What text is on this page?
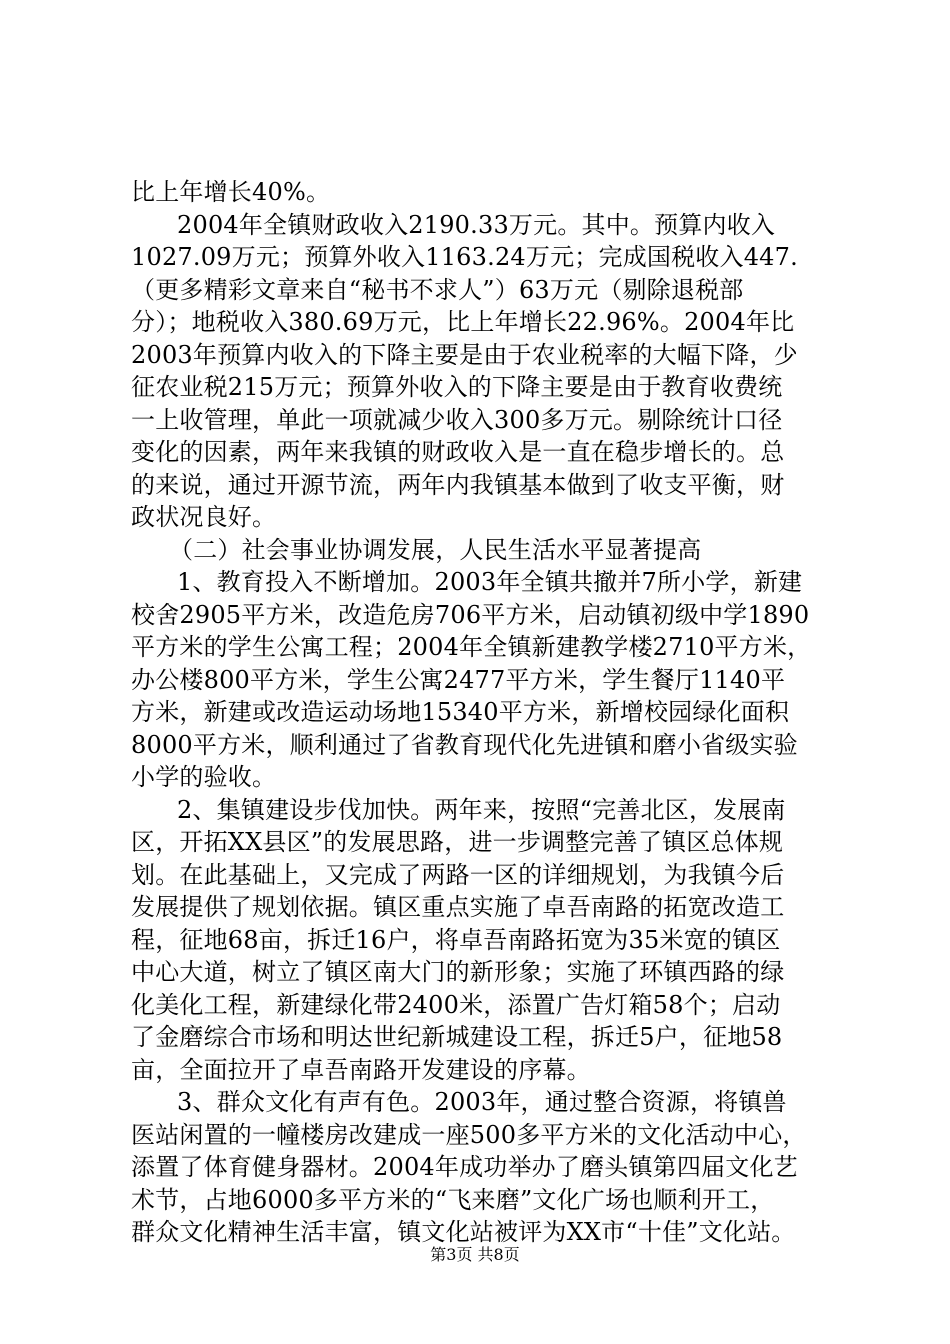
比上年增长40%。
2004年全镇财政收入2190.33万元。其中。预算内收入
1027.09万元；预算外收入1163.24万元；完成国税收入447.
（更多精彩文章来自“秘书不求人”）63万元（剔除退税部
分）；地税收入380.69万元，比上年增长22.96%。2004年比
2003年预算内收入的下降主要是由于农业税率的大幅下降，少
征农业税215万元；预算外收入的下降主要是由于教育收费统
一上收管理，单此一项就减少收入300多万元。剔除统计口径
变化的因素，两年来我镇的财政收入是一直在稳步增长的。总
的来说，通过开源节流，两年内我镇基本做到了收支平衡，财
政状况良好。
（二）社会事业协调发展，人民生活水平显著提高
1、教育投入不断增加。2003年全镇共撤并7所小学，新建
校舍2905平方米，改造危房706平方米，启动镇初级中学1890
平方米的学生公寓工程；2004年全镇新建教学楼2710平方米，
办公楼800平方米，学生公寓2477平方米，学生餐厅1140平
方米，新建或改造运动场地15340平方米，新增校园绿化面积
8000平方米，顺利通过了省教育现代化先进镇和磨小省级实验
小学的验收。
2、集镇建设步伐加快。两年来，按照“完善北区，发展南
区，开拓XX县区”的发展思路，进一步调整完善了镇区总体规
划。在此基础上，又完成了两路一区的详细规划，为我镇今后
发展提供了规划依据。镇区重点实施了卓吾南路的拓宽改造工
程，征地68亩，拆迁16户，将卓吾南路拓宽为35米宽的镇区
中心大道，树立了镇区南大门的新形象；实施了环镇西路的绿
化美化工程，新建绿化带2400米，添置广告灯箱58个；启动
了金磨综合市场和明达世纪新城建设工程，拆迁5户，征地58
亩，全面拉开了卓吾南路开发建设的序幕。
3、群众文化有声有色。2003年，通过整合资源，将镇兽
医站闲置的一幢楼房改建成一座500多平方米的文化活动中心，
添置了体育健身器材。2004年成功举办了磨头镇第四届文化艺
术节，占地6000多平方米的“飞来磨”文化广场也顺利开工，
群众文化精神生活丰富，镇文化站被评为XX市“十佳”文化站。
第3页 共8页
